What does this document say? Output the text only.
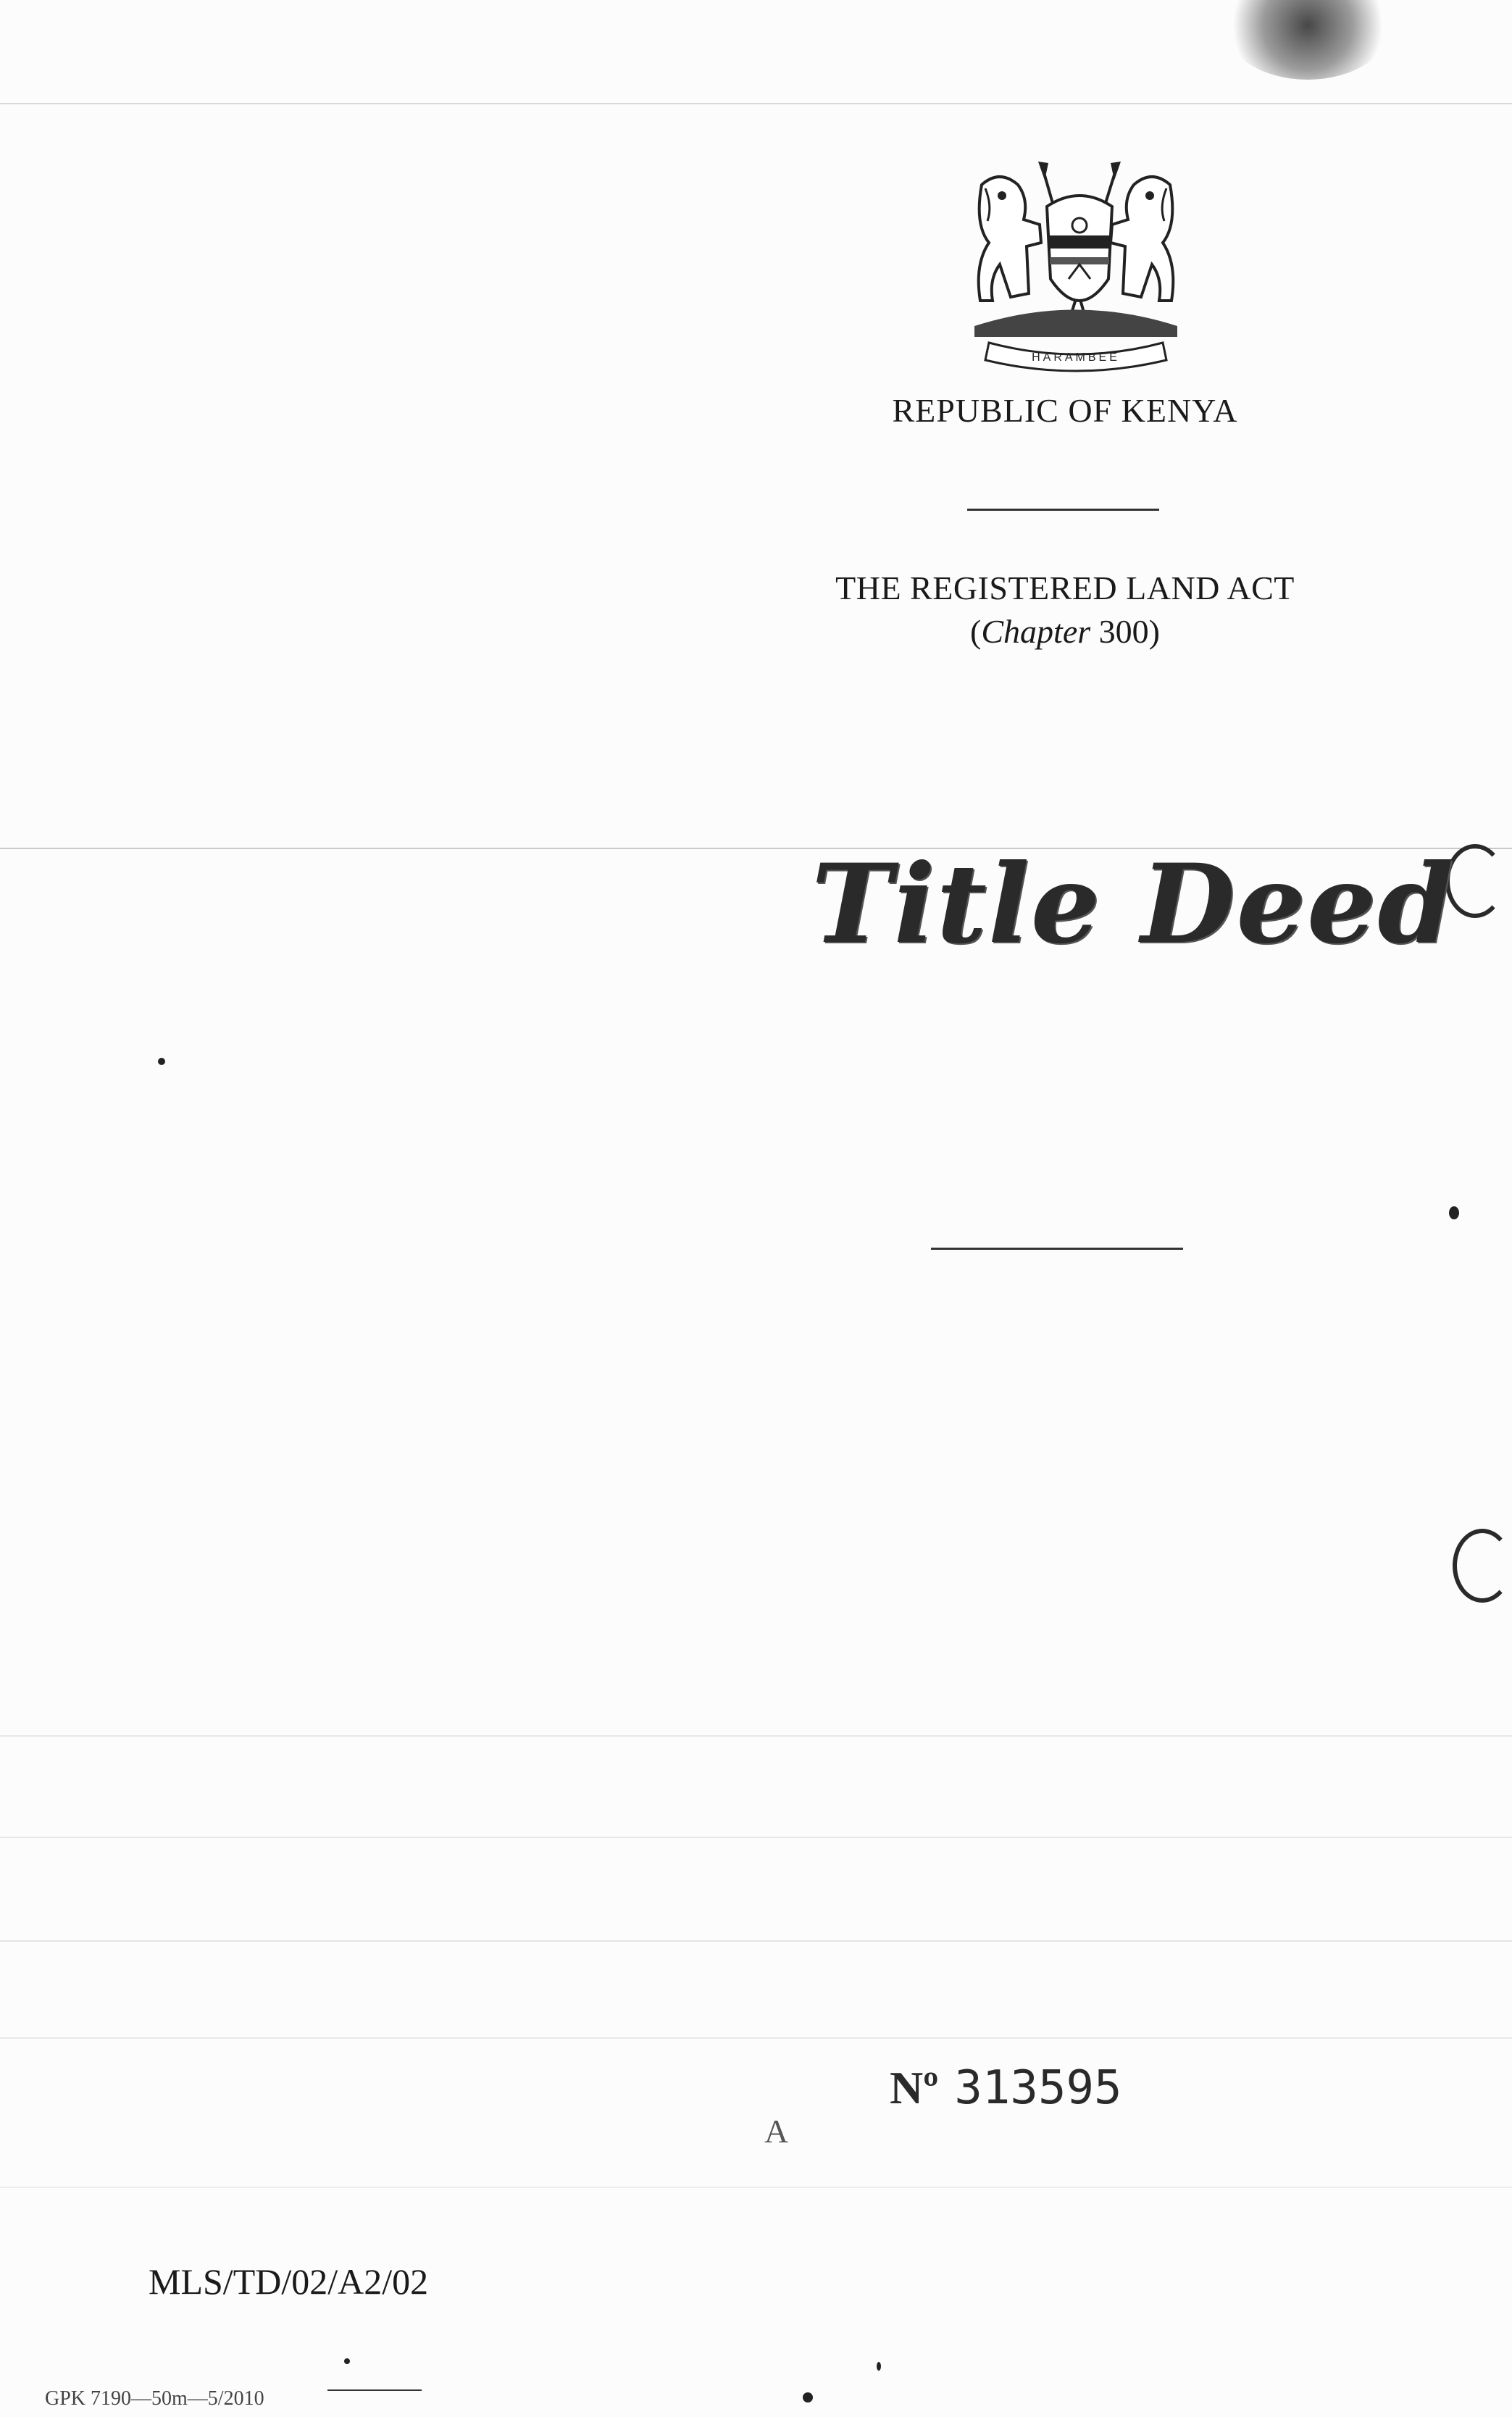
HARAMBEE
REPUBLIC OF KENYA
THE REGISTERED LAND ACT
(Chapter 300)
Title Deed
Nº 313595
A
MLS/TD/02/A2/02
GPK 7190—50m—5/2010
